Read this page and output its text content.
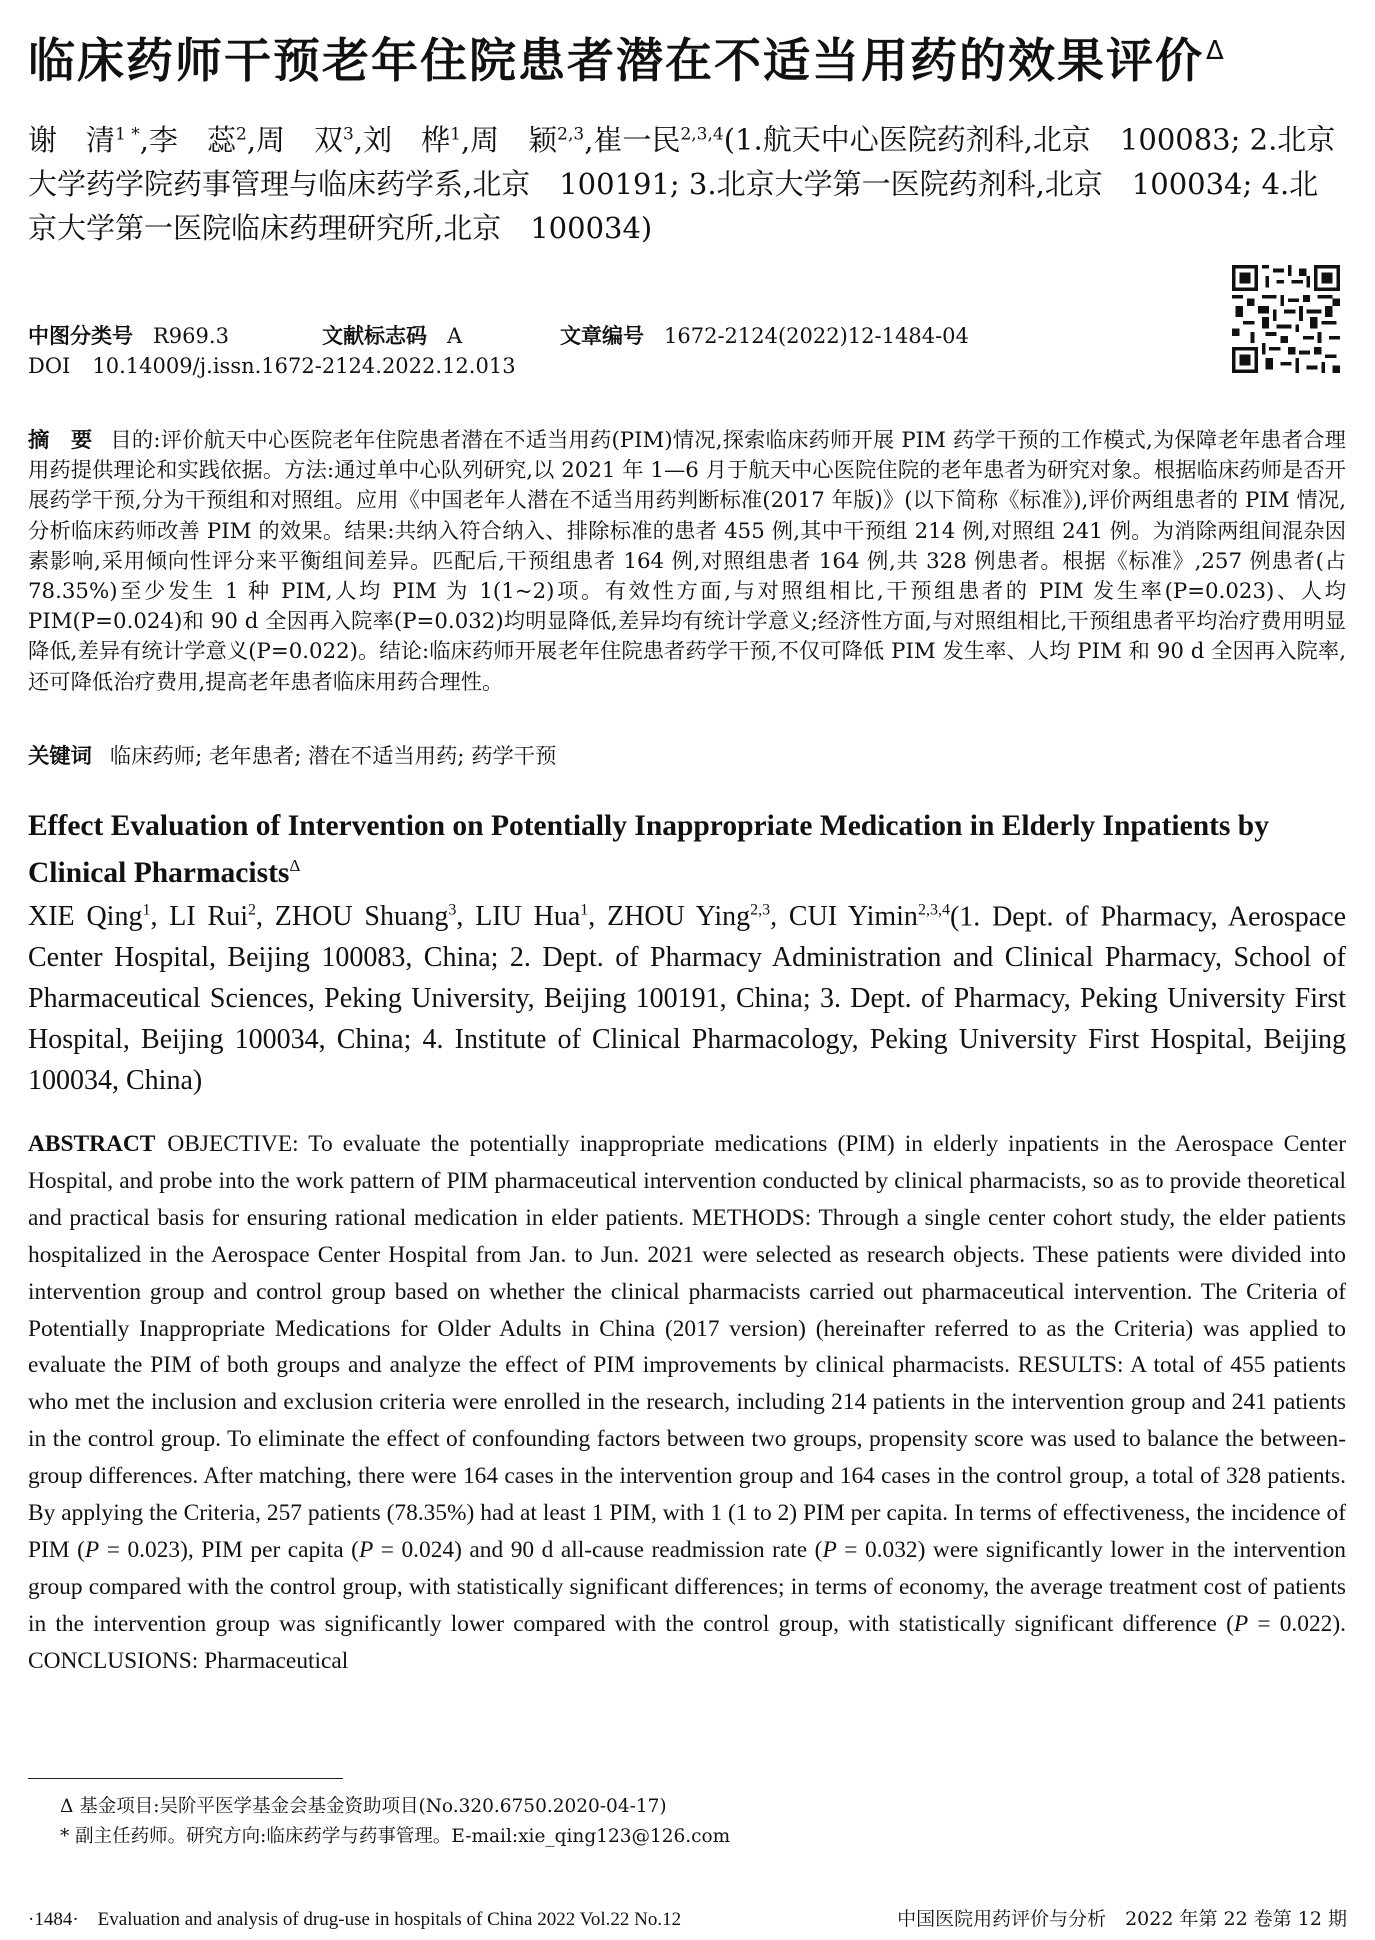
临床药师干预老年住院患者潜在不适当用药的效果评价$^\Delta$
谢　清$^{1 *}$,李　蕊$^2$,周　双$^3$,刘　桦$^1$,周　颖$^{2,3}$,崔一民$^{2,3,4}$(1.航天中心医院药剂科,北京　100083; 2.北京大学药学院药事管理与临床药学系,北京　100191; 3.北京大学第一医院药剂科,北京　100034; 4.北京大学第一医院临床药理研究所,北京　100034)
中图分类号 R969.3	文献标志码 A	文章编号 1672-2124(2022)12-1484-04
DOI 10.14009/j.issn.1672-2124.2022.12.013
摘　要 目的:评价航天中心医院老年住院患者潜在不适当用药(PIM)情况,探索临床药师开展 PIM 药学干预的工作模式,为保障老年患者合理用药提供理论和实践依据。方法:通过单中心队列研究,以 2021 年 1—6 月于航天中心医院住院的老年患者为研究对象。根据临床药师是否开展药学干预,分为干预组和对照组。应用《中国老年人潜在不适当用药判断标准(2017 年版)》(以下简称《标准》),评价两组患者的 PIM 情况,分析临床药师改善 PIM 的效果。结果:共纳入符合纳入、排除标准的患者 455 例,其中干预组 214 例,对照组 241 例。为消除两组间混杂因素影响,采用倾向性评分来平衡组间差异。匹配后,干预组患者 164 例,对照组患者 164 例,共 328 例患者。根据《标准》,257 例患者(占 78.35%)至少发生 1 种 PIM,人均 PIM 为 1(1~2)项。有效性方面,与对照组相比,干预组患者的 PIM 发生率(P=0.023)、人均 PIM(P=0.024)和 90 d 全因再入院率(P=0.032)均明显降低,差异均有统计学意义;经济性方面,与对照组相比,干预组患者平均治疗费用明显降低,差异有统计学意义(P=0.022)。结论:临床药师开展老年住院患者药学干预,不仅可降低 PIM 发生率、人均 PIM 和 90 d 全因再入院率,还可降低治疗费用,提高老年患者临床用药合理性。
关键词 临床药师; 老年患者; 潜在不适当用药; 药学干预
Effect Evaluation of Intervention on Potentially Inappropriate Medication in Elderly Inpatients by Clinical Pharmacists$^\Delta$
XIE Qing$^1$, LI Rui$^2$, ZHOU Shuang$^3$, LIU Hua$^1$, ZHOU Ying$^{2,3}$, CUI Yimin$^{2,3,4}$(1. Dept. of Pharmacy, Aerospace Center Hospital, Beijing 100083, China; 2. Dept. of Pharmacy Administration and Clinical Pharmacy, School of Pharmaceutical Sciences, Peking University, Beijing 100191, China; 3. Dept. of Pharmacy, Peking University First Hospital, Beijing 100034, China; 4. Institute of Clinical Pharmacology, Peking University First Hospital, Beijing 100034, China)
ABSTRACT OBJECTIVE: To evaluate the potentially inappropriate medications (PIM) in elderly inpatients in the Aerospace Center Hospital, and probe into the work pattern of PIM pharmaceutical intervention conducted by clinical pharmacists, so as to provide theoretical and practical basis for ensuring rational medication in elder patients. METHODS: Through a single center cohort study, the elder patients hospitalized in the Aerospace Center Hospital from Jan. to Jun. 2021 were selected as research objects. These patients were divided into intervention group and control group based on whether the clinical pharmacists carried out pharmaceutical intervention. The Criteria of Potentially Inappropriate Medications for Older Adults in China (2017 version) (hereinafter referred to as the Criteria) was applied to evaluate the PIM of both groups and analyze the effect of PIM improvements by clinical pharmacists. RESULTS: A total of 455 patients who met the inclusion and exclusion criteria were enrolled in the research, including 214 patients in the intervention group and 241 patients in the control group. To eliminate the effect of confounding factors between two groups, propensity score was used to balance the between-group differences. After matching, there were 164 cases in the intervention group and 164 cases in the control group, a total of 328 patients. By applying the Criteria, 257 patients (78.35%) had at least 1 PIM, with 1 (1 to 2) PIM per capita. In terms of effectiveness, the incidence of PIM (P = 0.023), PIM per capita (P = 0.024) and 90 d all-cause readmission rate (P = 0.032) were significantly lower in the intervention group compared with the control group, with statistically significant differences; in terms of economy, the average treatment cost of patients in the intervention group was significantly lower compared with the control group, with statistically significant difference (P = 0.022). CONCLUSIONS: Pharmaceutical
Δ 基金项目:吴阶平医学基金会基金资助项目(No.320.6750.2020-04-17)
* 副主任药师。研究方向:临床药学与药事管理。E-mail:xie_qing123@126.com
·1484·　Evaluation and analysis of drug-use in hospitals of China 2022 Vol.22 No.12	中国医院用药评价与分析　2022 年第 22 卷第 12 期
